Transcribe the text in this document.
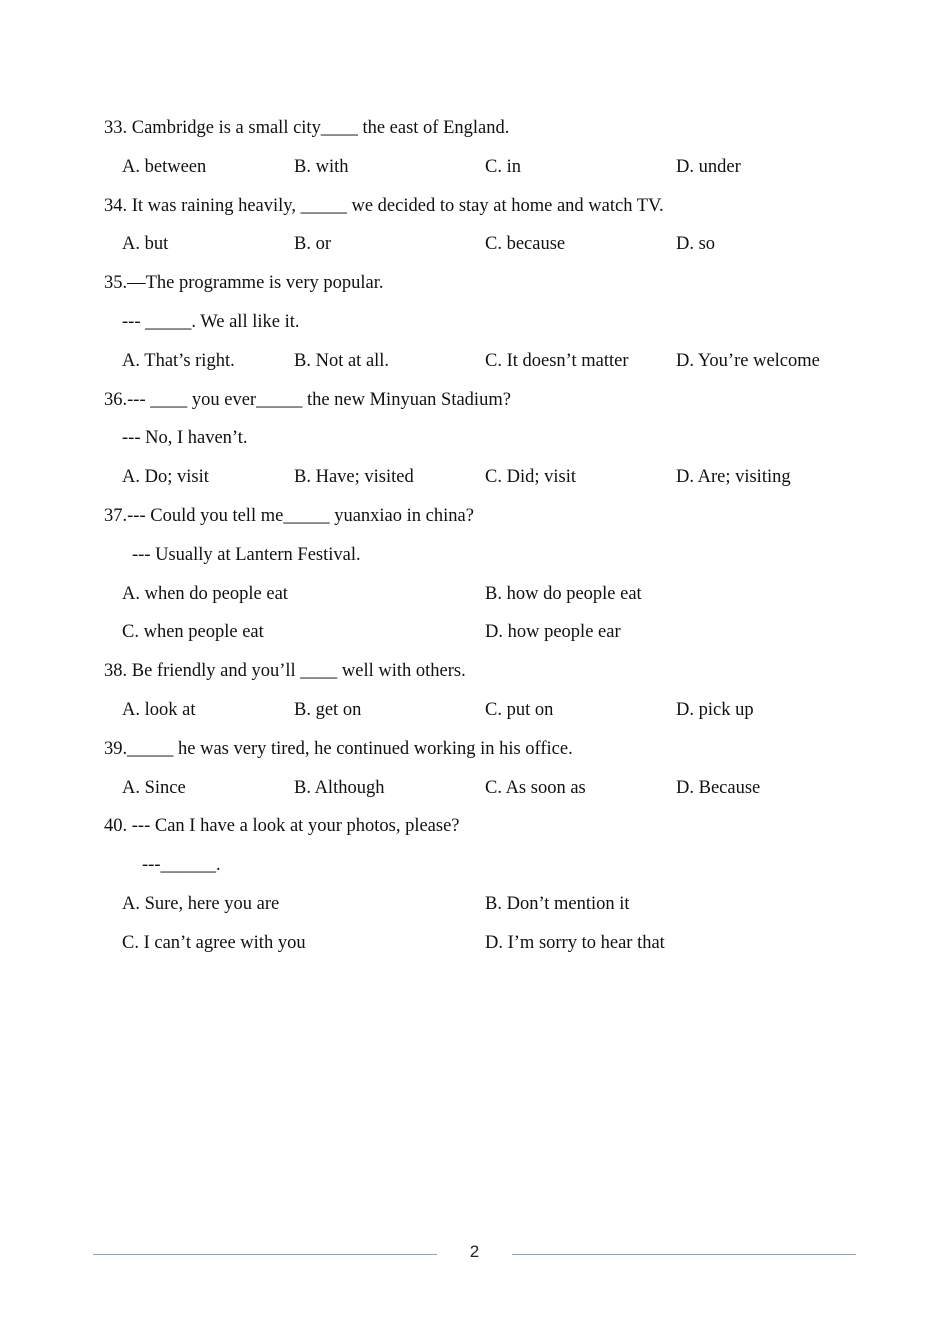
33. Cambridge is a small city____ the east of England.
A. between	B. with	C. in	D. under
34. It was raining heavily, _____ we decided to stay at home and watch TV.
A. but	B. or	C. because	D. so
35.—The programme is very popular.
--- _____. We all like it.
A. That’s right.	B. Not at all.	C. It doesn’t matter	D. You’re welcome
36.--- ____ you ever_____ the new Minyuan Stadium?
--- No, I haven’t.
A. Do; visit	B. Have; visited	C. Did; visit	D. Are; visiting
37.--- Could you tell me_____ yuanxiao in china?
--- Usually at Lantern Festival.
A. when do people eat	B. how do people eat
C. when people eat	D. how people ear
38. Be friendly and you’ll ____ well with others.
A. look at	B. get on	C. put on	D. pick up
39._____ he was very tired, he continued working in his office.
A. Since	B. Although	C. As soon as	D. Because
40. --- Can I have a look at your photos, please?
---______.
A. Sure, here you are	B. Don’t mention it
C. I can’t agree with you	D. I’m sorry to hear that
2
